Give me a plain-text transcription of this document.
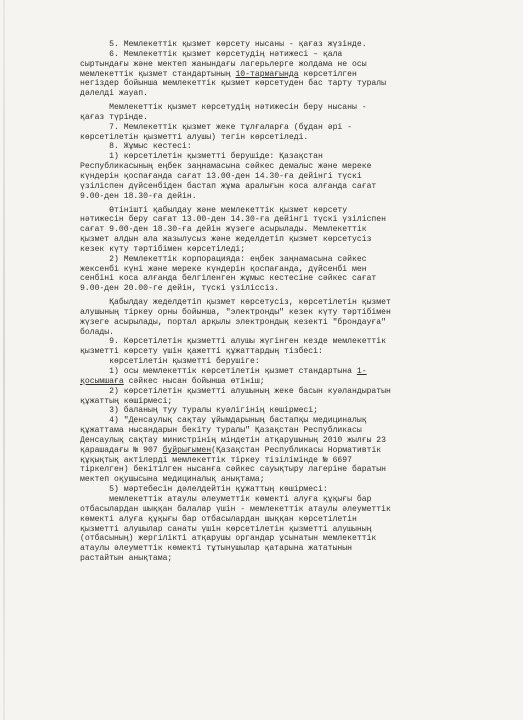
5. Мемлекеттік қызмет көрсету нысаны - қағаз жүзінде.
6. Мемлекеттік қызмет көрсетудің нәтижесі – қала
сыртындағы және мектеп жанындағы лагерьлерге жолдама не осы
мемлекеттік қызмет стандартының 10-тармағында көрсетілген
негіздер бойынша мемлекеттік қызмет көрсетуден бас тарту туралы
дәлелді жауап.
Мемлекеттік қызмет көрсетудің нәтижесін беру нысаны -
қағаз түрінде.
7. Мемлекеттік қызмет жеке тұлғаларға (бұдан әрі -
көрсетілетін қызметті алушы) тегін көрсетіледі.
8. Жұмыс кестесі:
1) көрсетілетін қызметті берушіде: Қазақстан
Республикасының еңбек заңнамасына сәйкес демалыс және мереке
күндерін қоспағанда сағат 13.00-ден 14.30-ға дейінгі түскі
үзіліспен дүйсенбіден бастап жұма аралығын коса алғанда сағат
9.00-ден 18.30-ға дейін.
Өтінішті қабылдау және мемлекеттік қызмет көрсету
нәтижесін беру сағат 13.00-ден 14.30-ға дейінгі түскі үзіліспен
сағат 9.00-ден 18.30-ға дейін жүзеге асырылады. Мемлекеттік
қызмет алдын ала жазылусыз және жеделдетіп қызмет көрсетусіз
кезек күту тәртібімен көрсетіледі;
2) Мемлекеттік корпорацияда: еңбек заңнамасына сәйкес
жексенбі күні және мереке күндерін қоспағанда, дүйсенбі мен
сенбіні коса алғанда белгіленген жұмыс кестесіне сәйкес сағат
9.00-ден 20.00-ге дейін, түскі үзіліссіз.
Қабылдау жеделдетіп қызмет көрсетусіз, көрсетілетін қызмет
алушының тіркеу орны бойынша, "электронды" кезек күту тәртібімен
жүзеге асырылады, портал арқылы электрондық кезекті "брондауға"
болады.
9. Көрсетілетін қызметті алушы жүгінген кезде мемлекеттік
қызметті көрсету үшін қажетті құжаттардың тізбесі:
көрсетілетін қызметті берушіге:
1) осы мемлекеттік көрсетілетін қызмет стандартына 1-
қосымшаға сәйкес нысан бойынша өтініш;
2) көрсетілетін қызметті алушының жеке басын куәландыратын
құжаттың көшірмесі;
3) баланың туу туралы куәлігінің көшірмесі;
4) "Денсаулық сақтау ұйымдарының бастапқы медициналық
құжаттама нысандарын бекіту туралы" Қазақстан Республикасы
Денсаулық сақтау министрінің міндетін атқарушының 2010 жылғы 23
қарашадағы № 907 бұйрығымен(Қазақстан Республикасы Нормативтік
құқықтық актілерді мемлекеттік тіркеу тізілімінде № 6697
тіркелген) бекітілген нысанға сәйкес сауықтыру лагеріне баратын
мектеп оқушысына медициналық анықтама;
5) мәртебесін дәлелдейтін құжаттың көшірмесі:
мемлекеттік атаулы әлеуметтік көмекті алуға құқығы бар
отбасылардан шыққан балалар үшін - мемлекеттік атаулы әлеуметтік
көмекті алуға құқығы бар отбасылардан шыққан көрсетілетін
қызметті алушылар санаты үшін көрсетілетін қызметті алушының
(отбасының) жергілікті атқарушы органдар ұсынатын мемлекеттік
атаулы әлеуметтік көмекті тұтынушылар қатарына жататынын
растайтын анықтама;
